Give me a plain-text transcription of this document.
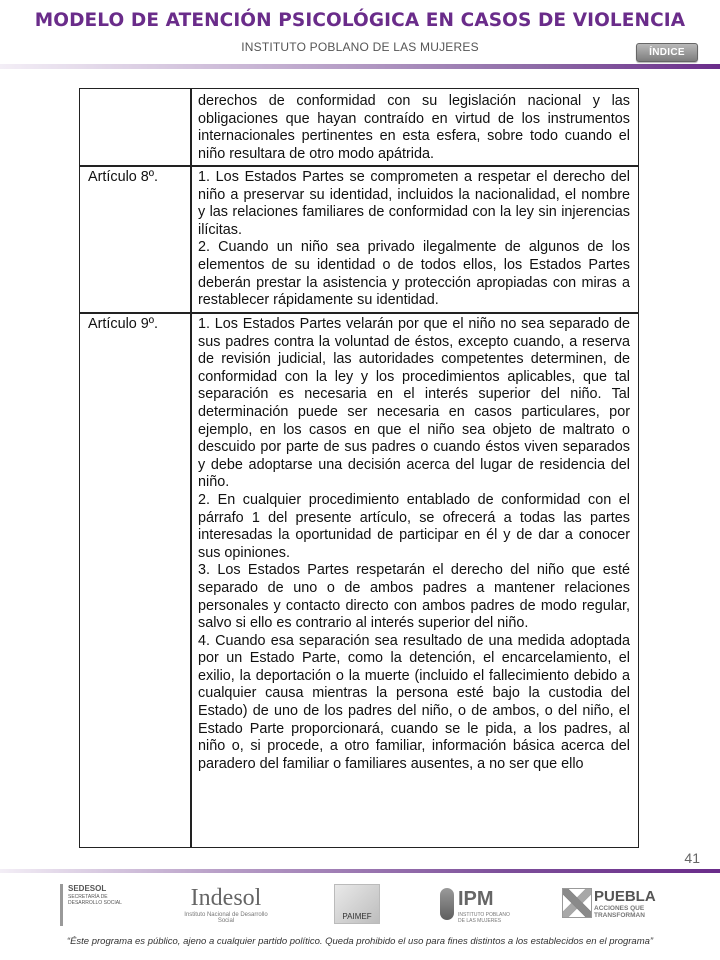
MODELO DE ATENCIÓN PSICOLÓGICA EN CASOS DE VIOLENCIA
INSTITUTO POBLANO DE LAS MUJERES	ÍNDICE

derechos de conformidad con su legislación nacional y las obligaciones que hayan contraído en virtud de los instrumentos internacionales pertinentes en esta esfera, sobre todo cuando el niño resultara de otro modo apátrida.

Artículo 8º.	1. Los Estados Partes se comprometen a respetar el derecho del niño a preservar su identidad, incluidos la nacionalidad, el nombre y las relaciones familiares de conformidad con la ley sin injerencias ilícitas.

2. Cuando un niño sea privado ilegalmente de algunos de los elementos de su identidad o de todos ellos, los Estados Partes deberán prestar la asistencia y protección apropiadas con miras a restablecer rápidamente su identidad.

Artículo 9º.	1. Los Estados Partes velarán por que el niño no sea separado de sus padres contra la voluntad de éstos, excepto cuando, a reserva de revisión judicial, las autoridades competentes determinen, de conformidad con la ley y los procedimientos aplicables, que tal separación es necesaria en el interés superior del niño. Tal determinación puede ser necesaria en casos particulares, por ejemplo, en los casos en que el niño sea objeto de maltrato o descuido por parte de sus padres o cuando éstos viven separados y debe adoptarse una decisión acerca del lugar de residencia del niño.

2. En cualquier procedimiento entablado de conformidad con el párrafo 1 del presente artículo, se ofrecerá a todas las partes interesadas la oportunidad de participar en él y de dar a conocer sus opiniones.

3. Los Estados Partes respetarán el derecho del niño que esté separado de uno o de ambos padres a mantener relaciones personales y contacto directo con ambos padres de modo regular, salvo si ello es contrario al interés superior del niño.

4. Cuando esa separación sea resultado de una medida adoptada por un Estado Parte, como la detención, el encarcelamiento, el exilio, la deportación o la muerte (incluido el fallecimiento debido a cualquier causa mientras la persona esté bajo la custodia del Estado) de uno de los padres del niño, o de ambos, o del niño, el Estado Parte proporcionará, cuando se le pida, a los padres, al niño o, si procede, a otro familiar, información básica acerca del paradero del familiar o familiares ausentes, a no ser que ello

41
SEDESOL
SECRETARÍA DE DESARROLLO SOCIAL	Indesol
Instituto Nacional de Desarrollo Social	PAIMEF
IPM
INSTITUTO POBLANO DE LAS MUJERES
PUEBLA
ACCIONES QUE TRANSFORMAN
“Éste programa es público, ajeno a cualquier partido político. Queda prohibido el uso para fines distintos a los establecidos en el programa”
